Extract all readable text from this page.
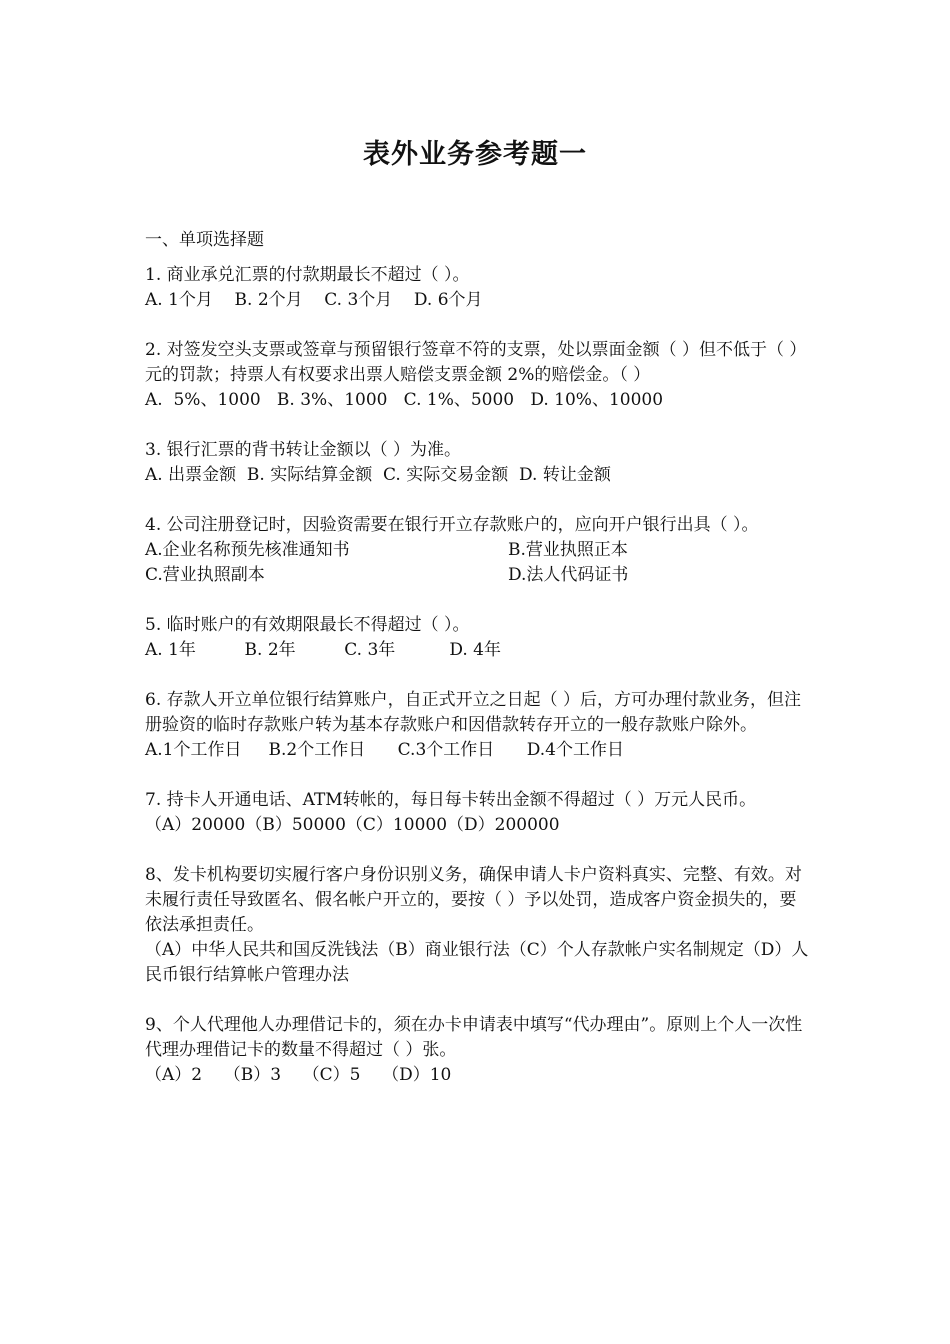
表外业务参考题一

一、单项选择题

1. 商业承兑汇票的付款期最长不超过（ ）。

A. 1个月    B. 2个月    C. 3个月    D. 6个月

2. 对签发空头支票或签章与预留银行签章不符的支票，处以票面金额（ ）但不低于（ ）元的罚款；持票人有权要求出票人赔偿支票金额 2%的赔偿金。（ ）

A.  5%、1000   B. 3%、1000   C. 1%、5000   D. 10%、10000

3. 银行汇票的背书转让金额以（ ）为准。

A. 出票金额  B. 实际结算金额  C. 实际交易金额  D. 转让金额

4. 公司注册登记时，因验资需要在银行开立存款账户的，应向开户银行出具（ ）。

A.企业名称预先核准通知书	B.营业执照正本
C.营业执照副本	D.法人代码证书

5. 临时账户的有效期限最长不得超过（ ）。

A. 1年         B. 2年         C. 3年          D. 4年

6. 存款人开立单位银行结算账户，自正式开立之日起（ ）后，方可办理付款业务，但注册验资的临时存款账户转为基本存款账户和因借款转存开立的一般存款账户除外。

A.1个工作日     B.2个工作日      C.3个工作日      D.4个工作日

7. 持卡人开通电话、ATM转帐的，每日每卡转出金额不得超过（ ）万元人民币。

（A）20000（B）50000（C）10000（D）200000

8、发卡机构要切实履行客户身份识别义务，确保申请人卡户资料真实、完整、有效。对未履行责任导致匿名、假名帐户开立的，要按（ ）予以处罚，造成客户资金损失的，要依法承担责任。

（A）中华人民共和国反洗钱法（B）商业银行法（C）个人存款帐户实名制规定（D）人民币银行结算帐户管理办法

9、个人代理他人办理借记卡的，须在办卡申请表中填写“代办理由”。原则上个人一次性代理办理借记卡的数量不得超过（ ）张。

（A）2    （B）3    （C）5    （D）10
